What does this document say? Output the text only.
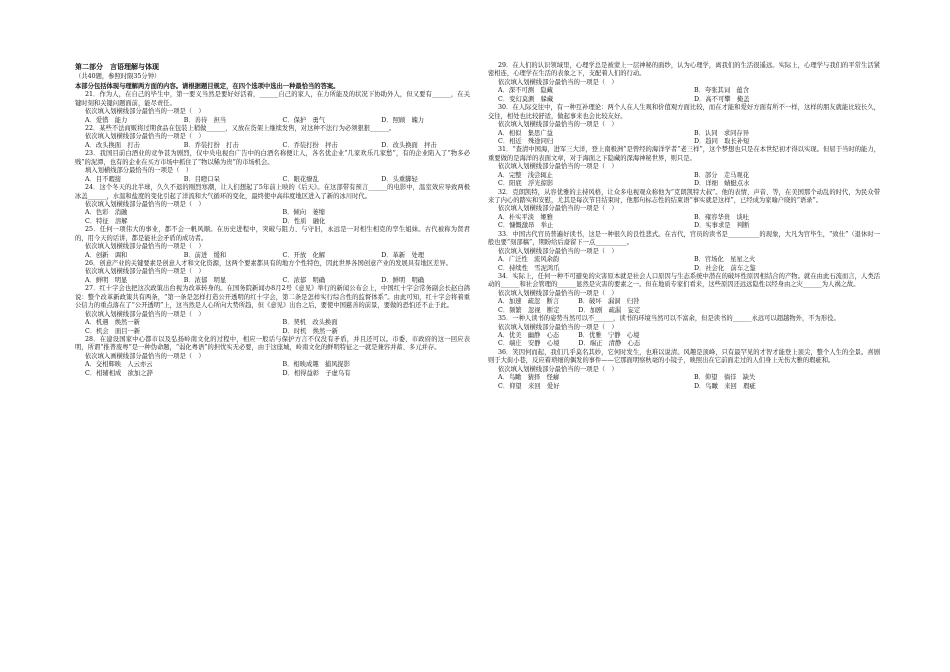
第二部分　言语理解与体现

（共40题，参照时限35分钟）

本部分包括体现与理解两方面的内容。请根据题目规定，在四个选项中选出一种最恰当的答案。

21．作为人，在自己的毕生中，第一要义当然是要好好活着，______自己的家人，在力所能及的状况下协助外人，但又要有______，在关键时刻和关键问题面前，能尽责任。

依次填入划横线部分最恰当的一项是（　）

A．爱惜　能力	B．善待　担当	C．保护　勇气	D．照顾　魄力

22．某些不法商贩将过期食品在包装上稍做______，又放在货架上继续发售，对这种不法行为必须狠狠______。

依次填入划横线部分最恰当的一项是（　）

A．改头换面　打击	B．乔装打扮　打击	C．乔装打扮　抨击	D．改头换面　抨击

23．我国目前白酒业的竞争甚为剧烈，仅中央电视台广告中的白酒名称便让人，各名优企业“几家欢乐几家愁”，有的企业陷入了“物多必贱”的泥潭，也有的企业在买方市场中抓住了“物以稀为贵”的市场机会。

填入划横线部分最恰当的一项是（　）

A．目不暇接	B．目瞪口呆	C．眼花缭乱	D．头重脚轻

24．这个冬天的北半球，久久不退的刚烈寒潮，让人们想起了5年前上映的《后天》。在这部带有预言______的电影中，温室效应导致两极冰盖______，水温和盐度的变化引起了洋流和大气循环的变化，最终使中高纬度地区进入了新的冰川时代。

依次填入划横线部分最恰当的一项是（　）

A．色彩　消融	B．倾向　萎缩
C．特征　溶解	D．性质　融化

25．任何一项伟大的事业，都不会一帆风顺。在历史进程中，突破与阻力、与守旧，永远是一对相生相克的孪生姐妹。古代被称为贤君的，用今天的话讲，都是能社会矛盾的成功者。

依次填入划横线部分最恰当的一项是（　）

A．创新　调和	B．前进　缓和	C．开放　化解	D．革新　处理

26．创意产业的关键要素是创意人才和文化资源，这两个要素都具有的地方个性特色，因此世界各国创意产业的发展具有地区差异。

依次填入划横线部分最恰当的一项是（　）

A．鲜明　明显	B．浓郁　明显	C．浓郁　明确	D．鲜明　明确

27．红十字会也把这次政策出台视为改革转身的。在国务院新闻办8月2号《意见》举行的新闻公布会上，中国红十字会常务副会长赵白鸽说：整个改革新政策共有两条，“第一条是怎样打造公开透明的红十字会，第二条是怎样实行综合性的监督体系”。由此可知，红十字会将着重公信力的重点落在了“公开透明”上，这当然是人心所向大势所趋，但《意见》出台之后，要使中国慈善的前景，要做的恐怕还不止于此。

依次填入划横线部分最恰当的一项是（　）

A．机遇　焕然一新	B．契机　改头换面
C．机会　面目一新	D．时机　焕然一新

28．在建设国家中心都市以及弘扬岭南文化的过程中，相应一般话与保护方言不仅没有矛盾，并且还可以。市委、市政府的这一回应表明，所谓“推普废粤”是一种伪命题，“弱化粤语”的担忧实无必要，由于这座城，岭南文化的鲜明特征之一就是兼容并蓄、多元并存。

依次填入画横线部分最恰当的一项是（　）

A．交相辉映　人云亦云	B．相映成趣　捕风捉影
C．相辅相成　欲加之辞	D．相得益彰　子虚乌有

29．在人们的认识领域里，心理学总是被蒙上一层神秘的面纱，认为心理学，离我们的生活很遥远。实际上，心理学与我们的平常生活紧密相连，心理学在生活的表象之下，支配着人们的行动。

依次填入划横线部分最恰当的一项是（　）

A．深不可测　隐藏	B．夸张其词　蕴含
C．变幻莫测　躲藏	D．高不可攀　掩盖

30．在人际交往中，有一种互补理论：两个人在人生观和价值观方面比较，而在才能和爱好方面有所不一样，这样的朋友就能比较长久，交往，相处也比较舒适，做起事来也会比较友好。

依次填入划横线部分最恰当的一项是（　）

A．相似　集思广益	B．认同　求同存异
C．相近　殊途同归	D．趋同　取长补短

31．“查清中国海，进军三大洋，登上南极洲”是曾经的海洋学者“老三样”，这个梦想也只是在本世纪初才得以实现。但屈于当时的能力，重要做的是海洋的表面文章，对于海面之下隐藏的深海神秘世界，则只是。

依次填入划横线部分最恰当的一项是（　）

A．完整　浅尝辄止	B．部分　走马观花
C．阳底　浮光掠影	D．详细　蜻蜓点水

32．克朗凯特，从容优雅的主持风格，让众多电视观众称他为“克朗凯特大叔”。他的表情、声音、等，在美国那个动乱的时代，为民众带来了内心的踏实和安慰，尤其是每次节目结束时，他那句标志性的结束语“事实就是这样”，已经成为家喻户晓的“语录”。

依次填入划横线部分最恰当的一项是（　）

A．朴实平淡　姬雅	B．雍容华贵　谈吐
C．慷慨激昂　举止	D．实事求是　判断

33．中国古代官员普遍好读书，这是一种很久的良性悲式。在古代，官员的读书是__________的现象，大凡为官毕生，“致仕”（退休时一般也要“刻部稿”，期盼给后裔留下一点__________。

依次填入划横线部分最恰当的一项是（　）

A．广泛性　流风余韵	B．官场化　星星之火
C．持续性　雪泥鸿爪	D．社会化　前车之鉴

34．实际上，任何一种不可避免的灾害原本就是社会人口原因与生态系统中潜在的破坏性原因相结合的产物。就在由此石流而言，人类活动的______和社会管理的______显然是灾害的要素之一。但在地质专家们看来，这些原因还远远隐性以经身由之灾______为人祸之故。

依次填入划横线部分最恰当的一项是（　）

A．加速　疏忽　断言　　　	B．破坏　漏洞　归咎
C．频繁　忽视　断定　　　	D．加剧　疏漏　妄定

35．一种人读书的姿势当然可以不______，读书的环境当然可以不富余，但是读书的______永远可以超越物外，不为形役。

依次填入划横线部分最恰当的一项是（　）

A．优美　幽静　心态　　　	B．优雅　宁静　心境
C．端庄　安静　心境　　　	D．端正　清静　心态

36．笑因何而起，我们几乎莫名其妙，它何时发生，也难以说清。风趣是顶峰，只有最罕见的才智才能登上顶尖，整个人生的全景。喜剧则于大街小巷，反应着琐细的偶发的事件——它那面明察秋毫的小镜子，映照出在它前面走过的人们身上无伤大雅的瑕疵和。

依次填入划横线部分最恰当的一项是（　）

A．鸟瞰　猜择　怪癖	B．仰望　徜徉　缺失
C．仰望　来回　爱好	D．鸟瞰　来回　瑕疵
